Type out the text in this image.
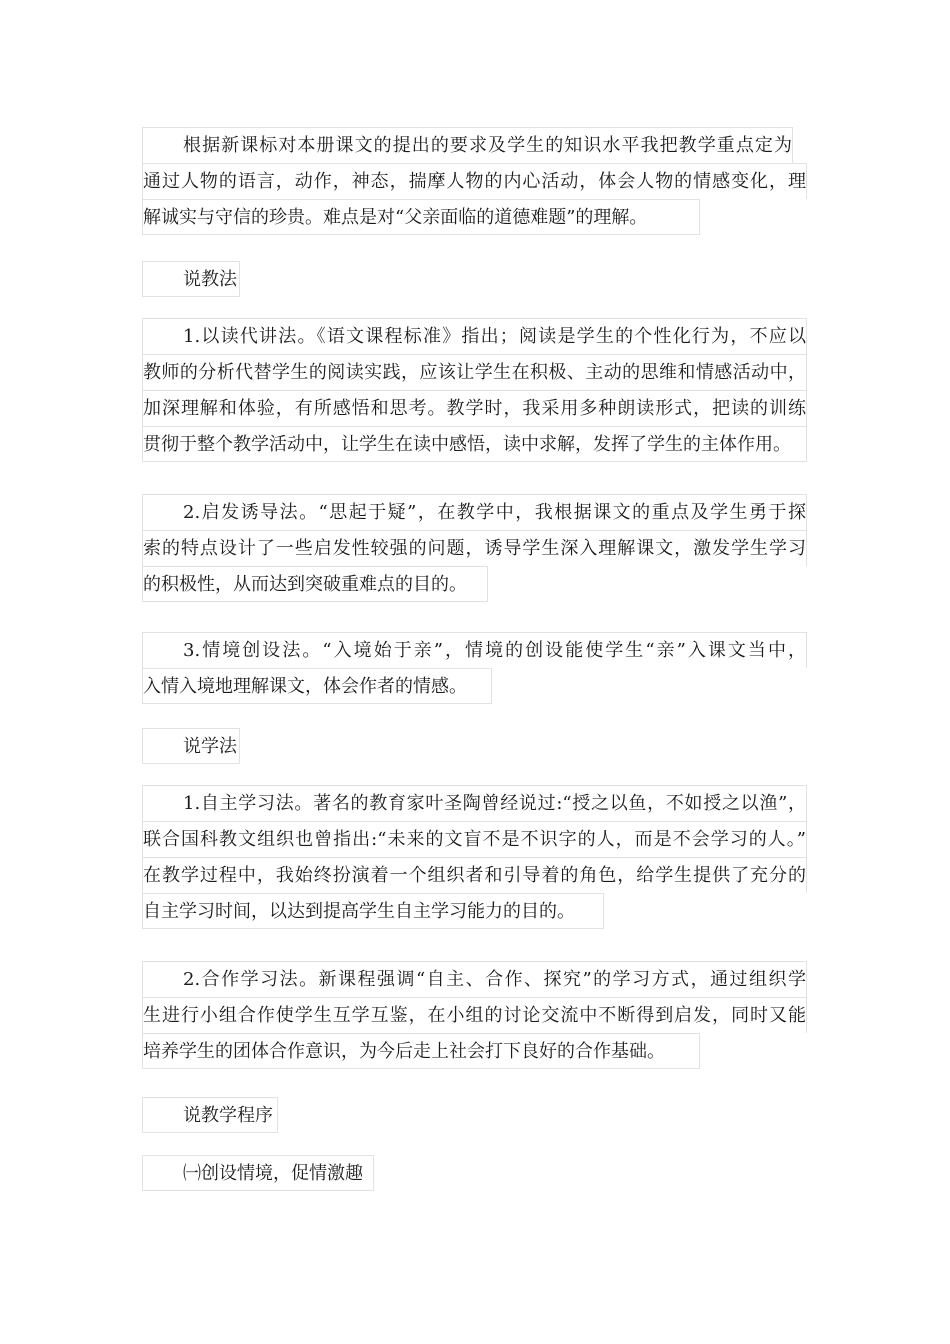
根据新课标对本册课文的提出的要求及学生的知识水平我把教学重点定为
通过人物的语言，动作，神态，揣摩人物的内心活动，体会人物的情感变化，理
解诚实与守信的珍贵。难点是对“父亲面临的道德难题”的理解。
说教法
1.以读代讲法。《语文课程标准》指出；阅读是学生的个性化行为，不应以
教师的分析代替学生的阅读实践，应该让学生在积极、主动的思维和情感活动中，
加深理解和体验，有所感悟和思考。教学时，我采用多种朗读形式，把读的训练
贯彻于整个教学活动中，让学生在读中感悟，读中求解，发挥了学生的主体作用。
2.启发诱导法。“思起于疑”，在教学中，我根据课文的重点及学生勇于探
索的特点设计了一些启发性较强的问题，诱导学生深入理解课文，激发学生学习
的积极性，从而达到突破重难点的目的。
3.情境创设法。“入境始于亲”，情境的创设能使学生“亲”入课文当中，
入情入境地理解课文，体会作者的情感。
说学法
1.自主学习法。著名的教育家叶圣陶曾经说过:“授之以鱼，不如授之以渔”，
联合国科教文组织也曾指出:“未来的文盲不是不识字的人，而是不会学习的人。”
在教学过程中，我始终扮演着一个组织者和引导着的角色，给学生提供了充分的
自主学习时间，以达到提高学生自主学习能力的目的。
2.合作学习法。新课程强调“自主、合作、探究”的学习方式，通过组织学
生进行小组合作使学生互学互鉴，在小组的讨论交流中不断得到启发，同时又能
培养学生的团体合作意识，为今后走上社会打下良好的合作基础。
说教学程序
㈠创设情境，促情激趣
